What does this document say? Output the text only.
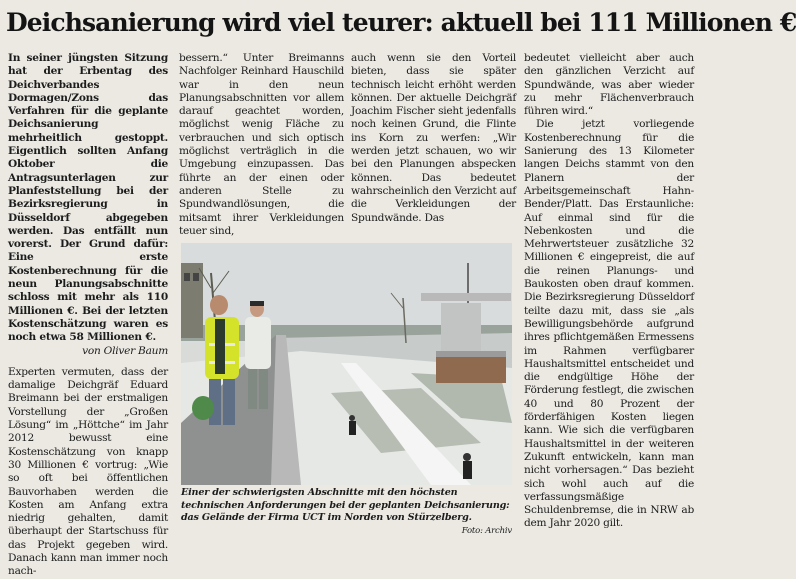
Deichsanierung wird viel teurer: aktuell bei 111 Millionen €

In seiner jüngsten Sitzung hat der Erbentag des Deichverbandes Dormagen/Zons das Verfahren für die geplante Deichsanierung mehrheitlich gestoppt. Eigentlich sollten Anfang Oktober die Antragsunterlagen zur Planfeststellung bei der Bezirksregierung in Düsseldorf abgegeben werden. Das entfällt nun vorerst. Der Grund dafür: Eine erste Kostenberechnung für die neun Planungsabschnitte schloss mit mehr als 110 Millionen €. Bei der letzten Kostenschätzung waren es noch etwa 58 Millionen €.

von Oliver Baum

Experten vermuten, dass der damalige Deichgräf Eduard Breimann bei der erstmaligen Vorstellung der „Großen Lösung“ im „Höttche“ im Jahr 2012 bewusst eine Kostenschätzung von knapp 30 Millionen € vortrug: „Wie so oft bei öffentlichen Bauvorhaben werden die Kosten am Anfang extra niedrig gehalten, damit überhaupt der Startschuss für das Projekt gegeben wird. Danach kann man immer noch nach-

bessern.“ Unter Breimanns Nachfolger Reinhard Hauschild war in den neun Planungsabschnitten vor allem darauf geachtet worden, möglichst wenig Fläche zu verbrauchen und sich optisch möglichst verträglich in die Umgebung einzupassen. Das führte an der einen oder anderen Stelle zu Spundwandlösungen, die mitsamt ihrer Verkleidungen teuer sind,

auch wenn sie den Vorteil bieten, dass sie später technisch leicht erhöht werden können. Der aktuelle Deichgräf Joachim Fischer sieht jedenfalls noch keinen Grund, die Flinte ins Korn zu werfen: „Wir werden jetzt schauen, wo wir bei den Planungen abspecken können. Das bedeutet wahrscheinlich den Verzicht auf die Verkleidungen der Spundwände. Das

bedeutet vielleicht aber auch den gänzlichen Verzicht auf Spundwände, was aber wieder zu mehr Flächenverbrauch führen wird.“

Die jetzt vorliegende Kostenberechnung für die Sanierung des 13 Kilometer langen Deichs stammt von den Planern der Arbeitsgemeinschaft Hahn-Bender/Platt. Das Erstaunliche: Auf einmal sind für die Nebenkosten und die Mehrwertsteuer zusätzliche 32 Millionen € eingepreist, die auf die reinen Planungs- und Baukosten oben drauf kommen. Die Bezirksregierung Düsseldorf teilte dazu mit, dass sie „als Bewilligungsbehörde aufgrund ihres pflichtgemäßen Ermessens im Rahmen verfügbarer Haushaltsmittel entscheidet und die endgültige Höhe der Förderung festlegt, die zwischen 40 und 80 Prozent der förderfähigen Kosten liegen kann. Wie sich die verfügbaren Haushaltsmittel in der weiteren Zukunft entwickeln, kann man nicht vorhersagen.“ Das bezieht sich wohl auch auf die verfassungsmäßige Schuldenbremse, die in NRW ab dem Jahr 2020 gilt.

Einer der schwierigsten Abschnitte mit den höchsten technischen Anforderungen bei der geplanten Deichsanierung: das Gelände der Firma UCT im Norden von Stürzelberg.
Foto: Archiv
